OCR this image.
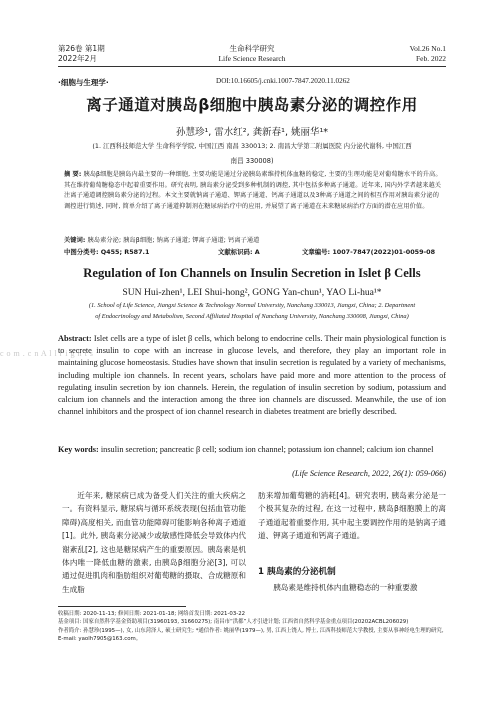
第26卷 第1期
2022年2月
生命科学研究
Life Science Research
Vol.26 No.1
Feb. 2022
·细胞与生理学·	DOI:10.16605/j.cnki.1007-7847.2020.11.0262
离子通道对胰岛β细胞中胰岛素分泌的调控作用
孙慧珍¹, 雷水红², 龚新春¹, 姚丽华¹*
(1. 江西科技师范大学 生命科学学院, 中国江西 南昌 330013; 2. 南昌大学第二附属医院 内分泌代谢科, 中国江西
南昌 330008)
摘 要: 胰岛β细胞是胰岛内最主要的一种细胞, 主要功能是通过分泌胰岛素维持机体血糖的稳定, 主要的生理功能是对葡萄糖水平的升高。其在维持葡萄糖稳态中起着重要作用。研究表明, 胰岛素分泌受到多种机制的调控, 其中包括多种离子通道。近年来, 国内外学者越来越关注离子通道调控胰岛素分泌的过程。本文主要就钠离子通道、钾离子通道、钙离子通道以及3种离子通道之间的相互作用对胰岛素分泌的调控进行简述, 同时, 简单介绍了离子通道抑制剂在糖尿病治疗中的应用, 并展望了离子通道在未来糖尿病治疗方面的潜在应用价值。
关键词: 胰岛素分泌; 胰岛β细胞; 钠离子通道; 钾离子通道; 钙离子通道
中图分类号: Q455; R587.1	文献标识码: A	文章编号: 1007-7847(2022)01-0059-08
Regulation of Ion Channels on Insulin Secretion in Islet β Cells
SUN Hui-zhen¹, LEI Shui-hong², GONG Yan-chun¹, YAO Li-hua¹*
(1. School of Life Science, Jiangxi Science & Technology Normal University, Nanchang 330013, Jiangxi, China; 2. Department
of Endocrinology and Metabolism, Second Affiliated Hospital of Nanchang University, Nanchang 330008, Jiangxi, China)
c o m . c n A l l r i g h t s
Abstract: Islet cells are a type of islet β cells, which belong to endocrine cells. Their main physiological function is to secrete insulin to cope with an increase in glucose levels, and therefore, they play an important role in maintaining glucose homeostasis. Studies have shown that insulin secretion is regulated by a variety of mechanisms, including multiple ion channels. In recent years, scholars have paid more and more attention to the process of regulating insulin secretion by ion channels. Herein, the regulation of insulin secretion by sodium, potassium and calcium ion channels and the interaction among the three ion channels are discussed. Meanwhile, the use of ion channel inhibitors and the prospect of ion channel research in diabetes treatment are briefly described.
Key words: insulin secretion; pancreatic β cell; sodium ion channel; potassium ion channel; calcium ion channel
(Life Science Research, 2022, 26(1): 059-066)
近年来, 糖尿病已成为备受人们关注的重大疾病之一。有资料显示, 糖尿病与循环系统表现(包括血管功能障碍)高度相关, 而血管功能障碍可能影响各种离子通道[1]。此外, 胰岛素分泌减少或敏感性降低会导致体内代谢紊乱[2], 这也是糖尿病产生的重要原因。胰岛素是机体内唯一降低血糖的激素, 由胰岛β细胞分泌[3], 可以通过促进肌肉和脂肪组织对葡萄糖的摄取、合成糖原和生成脂
肪来增加葡萄糖的消耗[4]。研究表明, 胰岛素分泌是一个极其复杂的过程, 在这一过程中, 胰岛β细胞膜上的离子通道起着重要作用, 其中起主要调控作用的是钠离子通道、钾离子通道和钙离子通道。
1 胰岛素的分泌机制
胰岛素是维持机体内血糖稳态的一种重要激
收稿日期: 2020-11-13; 修回日期: 2021-01-18; 网络首发日期: 2021-03-22
基金项目: 国家自然科学基金资助项目(31960193, 31660275); 南昌市“洪都”人才引进计划; 江西省自然科学基金重点项目(20202ACBL206029)
作者简介: 孙慧珍(1995—), 女, 山东菏泽人, 硕士研究生; *通信作者: 姚丽华(1979—), 男, 江西上饶人, 博士, 江西科技师范大学教授, 主要从事神经电生理的研究, E-mail: yaolh7905@163.com。
